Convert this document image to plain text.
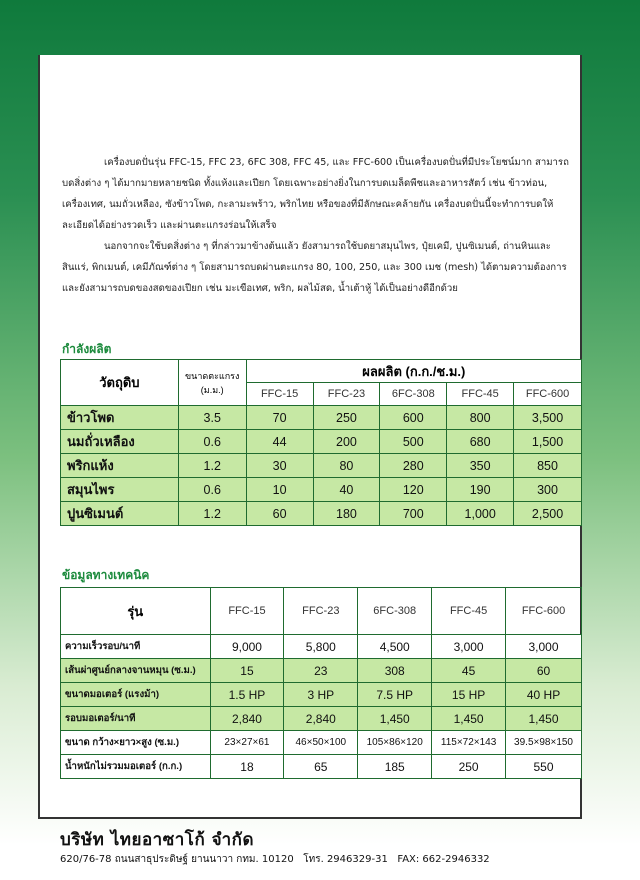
เครื่องบดปั่นรุ่น FFC-15, FFC 23, 6FC 308, FFC 45, และ FFC-600 เป็นเครื่องบดปั่นที่มีประโยชน์มาก สามารถบดสิ่งต่าง ๆ ได้มากมายหลายชนิด ทั้งแห้งและเปียก โดยเฉพาะอย่างยิ่งในการบดเมล็ดพืชและอาหารสัตว์ เช่น ข้าวท่อน, เครื่องเทศ, นมถั่วเหลือง, ซังข้าวโพด, กะลามะพร้าว, พริกไทย หรือของที่มีลักษณะคล้ายกัน เครื่องบดปั่นนี้จะทำการบดให้ละเอียดได้อย่างรวดเร็ว และผ่านตะแกรงร่อนให้เสร็จ

นอกจากจะใช้บดสิ่งต่าง ๆ ที่กล่าวมาข้างต้นแล้ว ยังสามารถใช้บดยาสมุนไพร, ปุ๋ยเคมี, ปูนซิเมนต์, ถ่านหินและสินแร่, พิกเมนต์, เคมีภัณฑ์ต่าง ๆ โดยสามารถบดผ่านตะแกรง 80, 100, 250, และ 300 เมช (mesh) ได้ตามความต้องการ และยังสามารถบดของสดของเปียก เช่น มะเขือเทศ, พริก, ผลไม้สด, น้ำเต้าหู้ ได้เป็นอย่างดีอีกด้วย

กำลังผลิต
วัตถุดิบ	ขนาดตะแกรง (ม.ม.)	ผลผลิต (ก.ก./ช.ม.)				
		FFC-15	FFC-23	6FC-308	FFC-45	FFC-600
ข้าวโพด	3.5	70	250	600	800	3,500
นมถั่วเหลือง	0.6	44	200	500	680	1,500
พริกแห้ง	1.2	30	80	280	350	850
สมุนไพร	0.6	10	40	120	190	300
ปูนซิเมนต์	1.2	60	180	700	1,000	2,500
ข้อมูลทางเทคนิค
รุ่น	FFC-15	FFC-23	6FC-308	FFC-45	FFC-600
ความเร็วรอบ/นาที	9,000	5,800	4,500	3,000	3,000
เส้นผ่าศูนย์กลางจานหมุน (ซ.ม.)	15	23	308	45	60
ขนาดมอเตอร์ (แรงม้า)	1.5 HP	3 HP	7.5 HP	15 HP	40 HP
รอบมอเตอร์/นาที	2,840	2,840	1,450	1,450	1,450
ขนาด กว้าง×ยาว×สูง (ซ.ม.)	23×27×61	46×50×100	105×86×120	115×72×143	39.5×98×150
น้ำหนักไม่รวมมอเตอร์ (ก.ก.)	18	65	185	250	550
บริษัท ไทยอาซาโก้ จำกัด
620/76-78 ถนนสาธุประดิษฐ์ ยานนาวา กทม. 10120 โทร. 2946329-31 FAX: 662-2946332
